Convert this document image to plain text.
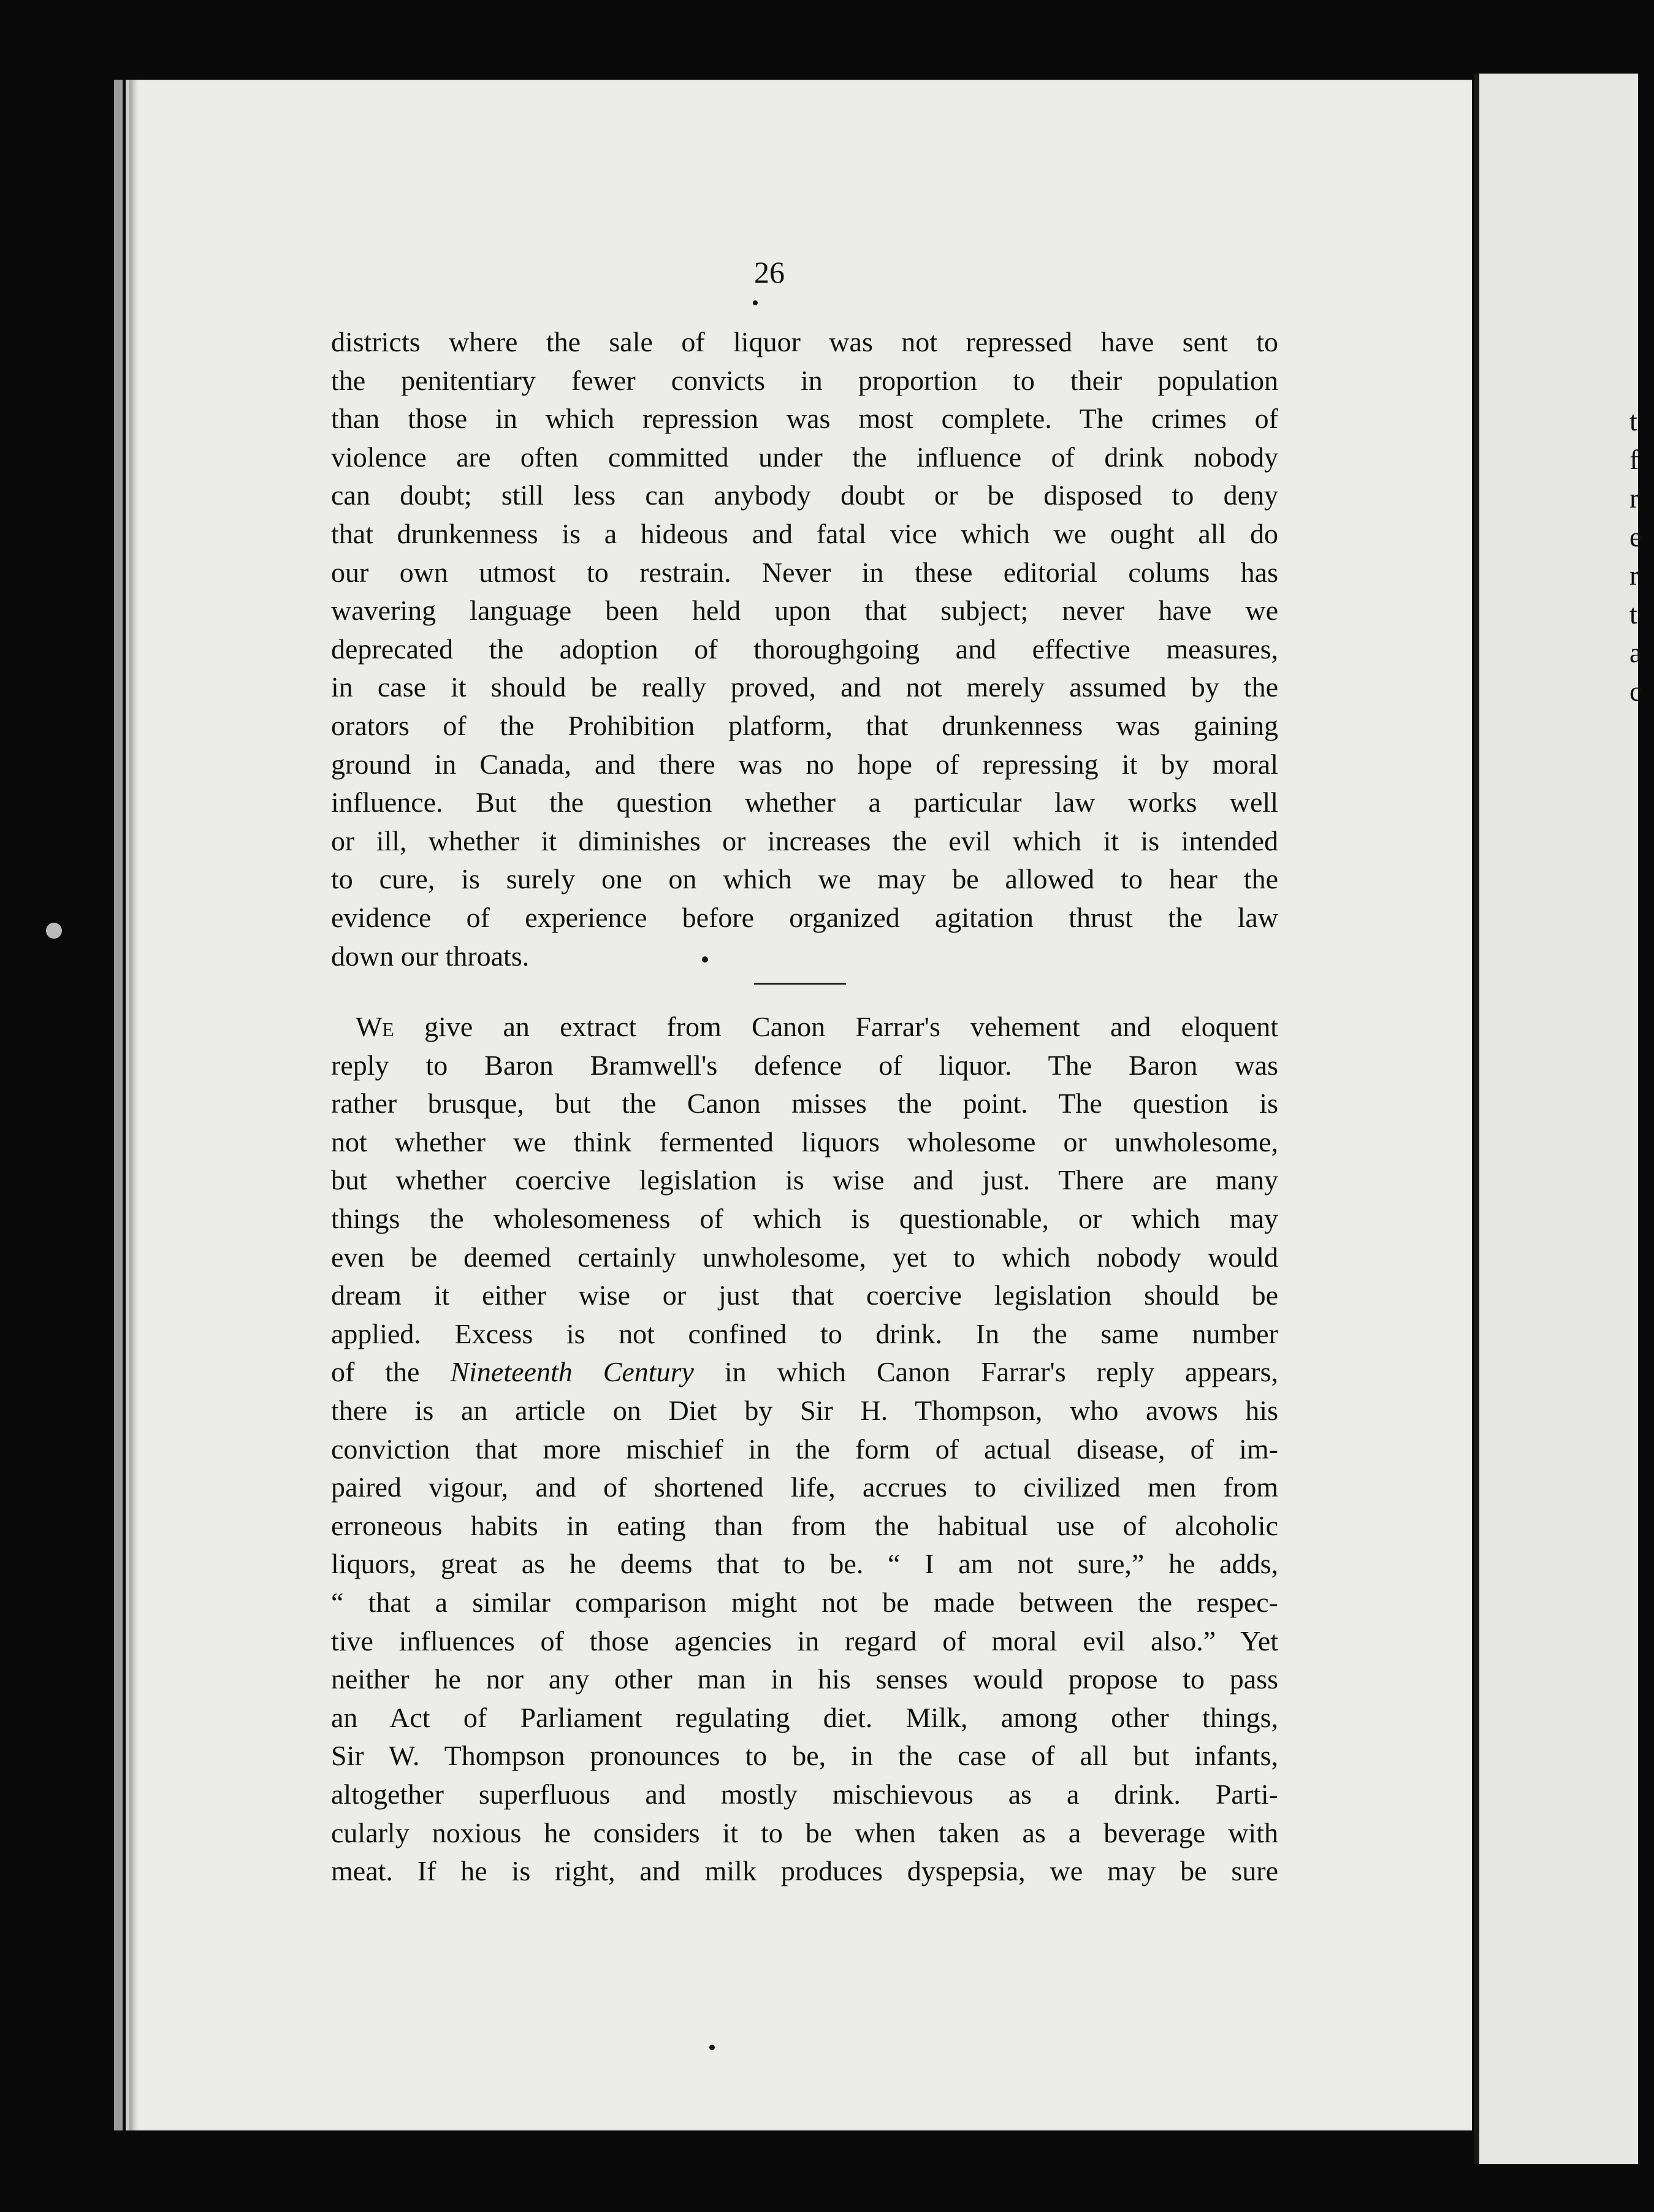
t
f
r
e
r
t
a
c
26
districts where the sale of liquor was not repressed have sent to
the penitentiary fewer convicts in proportion to their population
than those in which repression was most complete. The crimes of
violence are often committed under the influence of drink nobody
can doubt; still less can anybody doubt or be disposed to deny
that drunkenness is a hideous and fatal vice which we ought all do
our own utmost to restrain. Never in these editorial colums has
wavering language been held upon that subject; never have we
deprecated the adoption of thoroughgoing and effective measures,
in case it should be really proved, and not merely assumed by the
orators of the Prohibition platform, that drunkenness was gaining
ground in Canada, and there was no hope of repressing it by moral
influence. But the question whether a particular law works well
or ill, whether it diminishes or increases the evil which it is intended
to cure, is surely one on which we may be allowed to hear the
evidence of experience before organized agitation thrust the law
down our throats.
We give an extract from Canon Farrar's vehement and eloquent
reply to Baron Bramwell's defence of liquor. The Baron was
rather brusque, but the Canon misses the point. The question is
not whether we think fermented liquors wholesome or unwholesome,
but whether coercive legislation is wise and just. There are many
things the wholesomeness of which is questionable, or which may
even be deemed certainly unwholesome, yet to which nobody would
dream it either wise or just that coercive legislation should be
applied. Excess is not confined to drink. In the same number
of the Nineteenth Century in which Canon Farrar's reply appears,
there is an article on Diet by Sir H. Thompson, who avows his
conviction that more mischief in the form of actual disease, of im-
paired vigour, and of shortened life, accrues to civilized men from
erroneous habits in eating than from the habitual use of alcoholic
liquors, great as he deems that to be. “ I am not sure,” he adds,
“ that a similar comparison might not be made between the respec-
tive influences of those agencies in regard of moral evil also.” Yet
neither he nor any other man in his senses would propose to pass
an Act of Parliament regulating diet. Milk, among other things,
Sir W. Thompson pronounces to be, in the case of all but infants,
altogether superfluous and mostly mischievous as a drink. Parti-
cularly noxious he considers it to be when taken as a beverage with
meat. If he is right, and milk produces dyspepsia, we may be sure
